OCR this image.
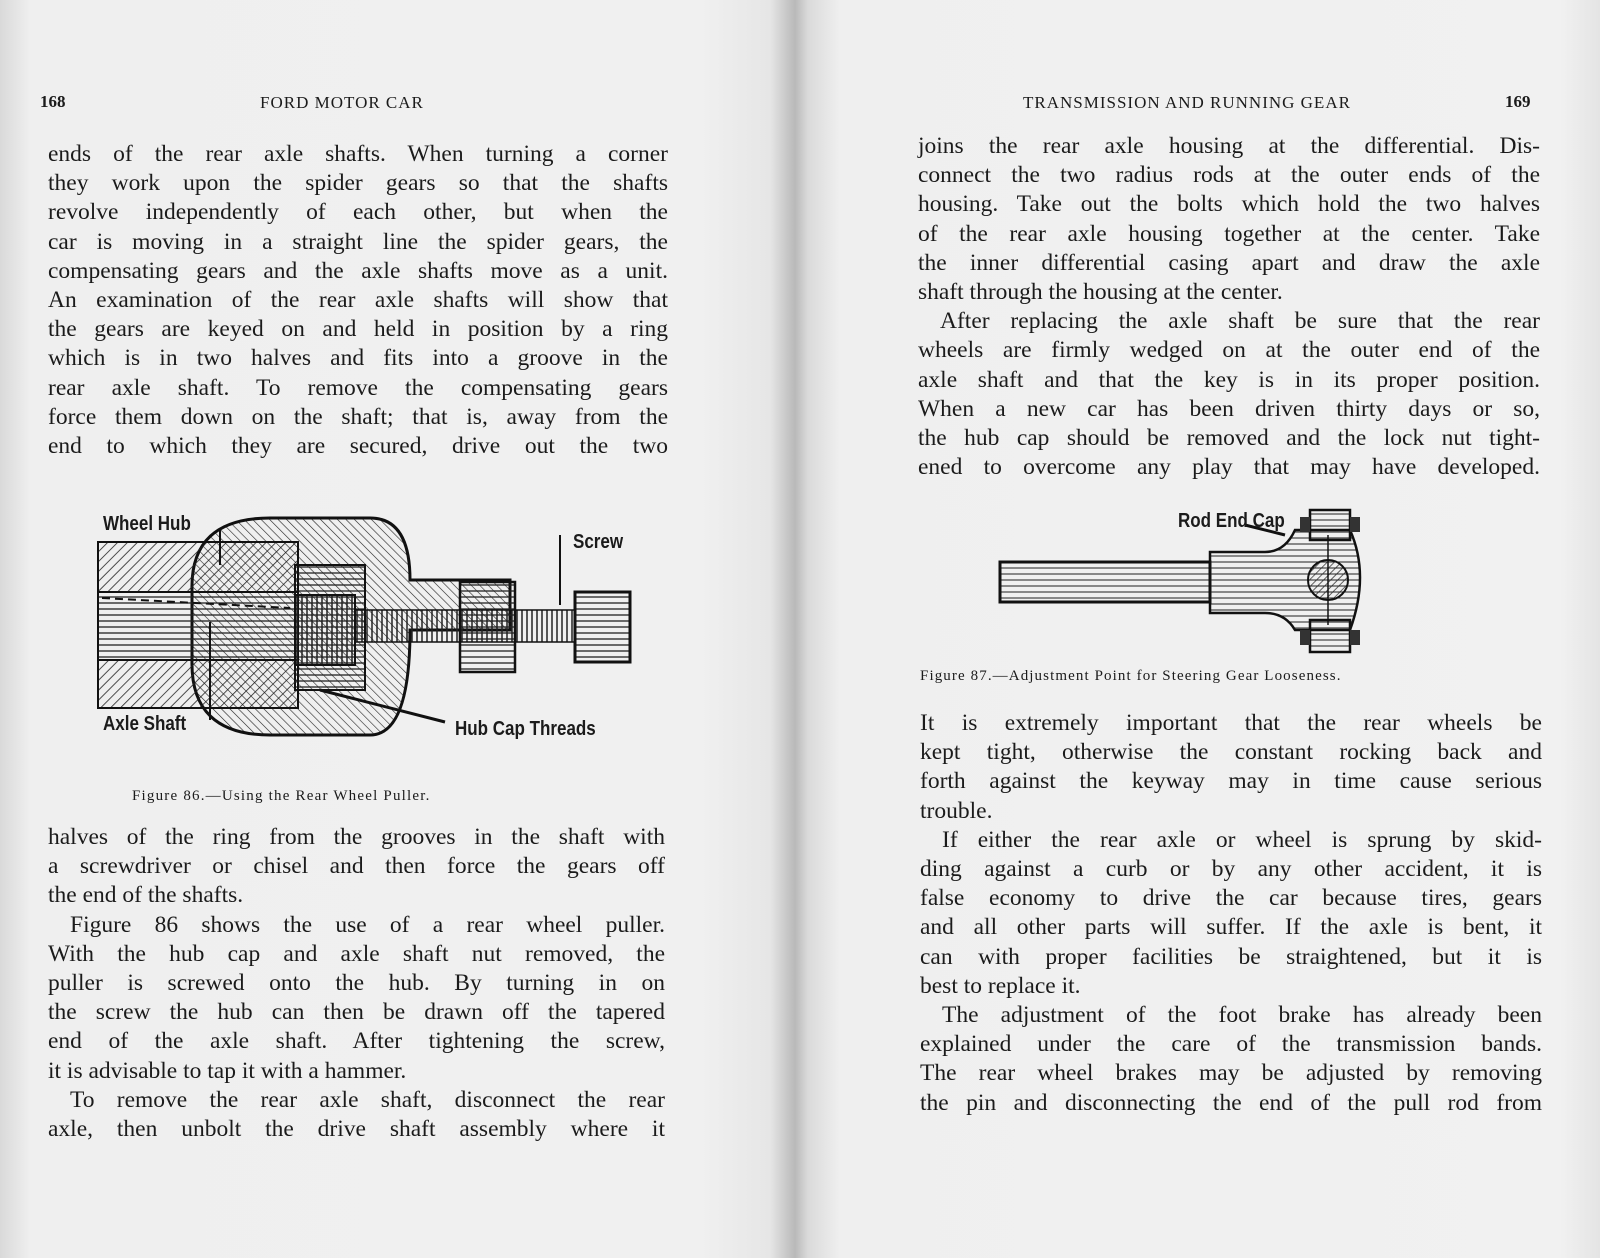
168	FORD MOTOR CAR
ends of the rear axle shafts. When turning a corner
they work upon the spider gears so that the shafts
revolve independently of each other, but when the
car is moving in a straight line the spider gears, the
compensating gears and the axle shafts move as a unit.
An examination of the rear axle shafts will show that
the gears are keyed on and held in position by a ring
which is in two halves and fits into a groove in the
rear axle shaft. To remove the compensating gears
force them down on the shaft; that is, away from the
end to which they are secured, drive out the two
Wheel Hub
Screw
Axle Shaft	Hub Cap Threads
Figure 86.—Using the Rear Wheel Puller.
halves of the ring from the grooves in the shaft with
a screwdriver or chisel and then force the gears off
the end of the shafts.
Figure 86 shows the use of a rear wheel puller.
With the hub cap and axle shaft nut removed, the
puller is screwed onto the hub. By turning in on
the screw the hub can then be drawn off the tapered
end of the axle shaft. After tightening the screw,
it is advisable to tap it with a hammer.
To remove the rear axle shaft, disconnect the rear
axle, then unbolt the drive shaft assembly where it
TRANSMISSION AND RUNNING GEAR	169
joins the rear axle housing at the differential. Dis-
connect the two radius rods at the outer ends of the
housing. Take out the bolts which hold the two halves
of the rear axle housing together at the center. Take
the inner differential casing apart and draw the axle
shaft through the housing at the center.
After replacing the axle shaft be sure that the rear
wheels are firmly wedged on at the outer end of the
axle shaft and that the key is in its proper position.
When a new car has been driven thirty days or so,
the hub cap should be removed and the lock nut tight-
ened to overcome any play that may have developed.
Rod End Cap
Figure 87.—Adjustment Point for Steering Gear Looseness.
It is extremely important that the rear wheels be
kept tight, otherwise the constant rocking back and
forth against the keyway may in time cause serious
trouble.
If either the rear axle or wheel is sprung by skid-
ding against a curb or by any other accident, it is
false economy to drive the car because tires, gears
and all other parts will suffer. If the axle is bent, it
can with proper facilities be straightened, but it is
best to replace it.
The adjustment of the foot brake has already been
explained under the care of the transmission bands.
The rear wheel brakes may be adjusted by removing
the pin and disconnecting the end of the pull rod from
